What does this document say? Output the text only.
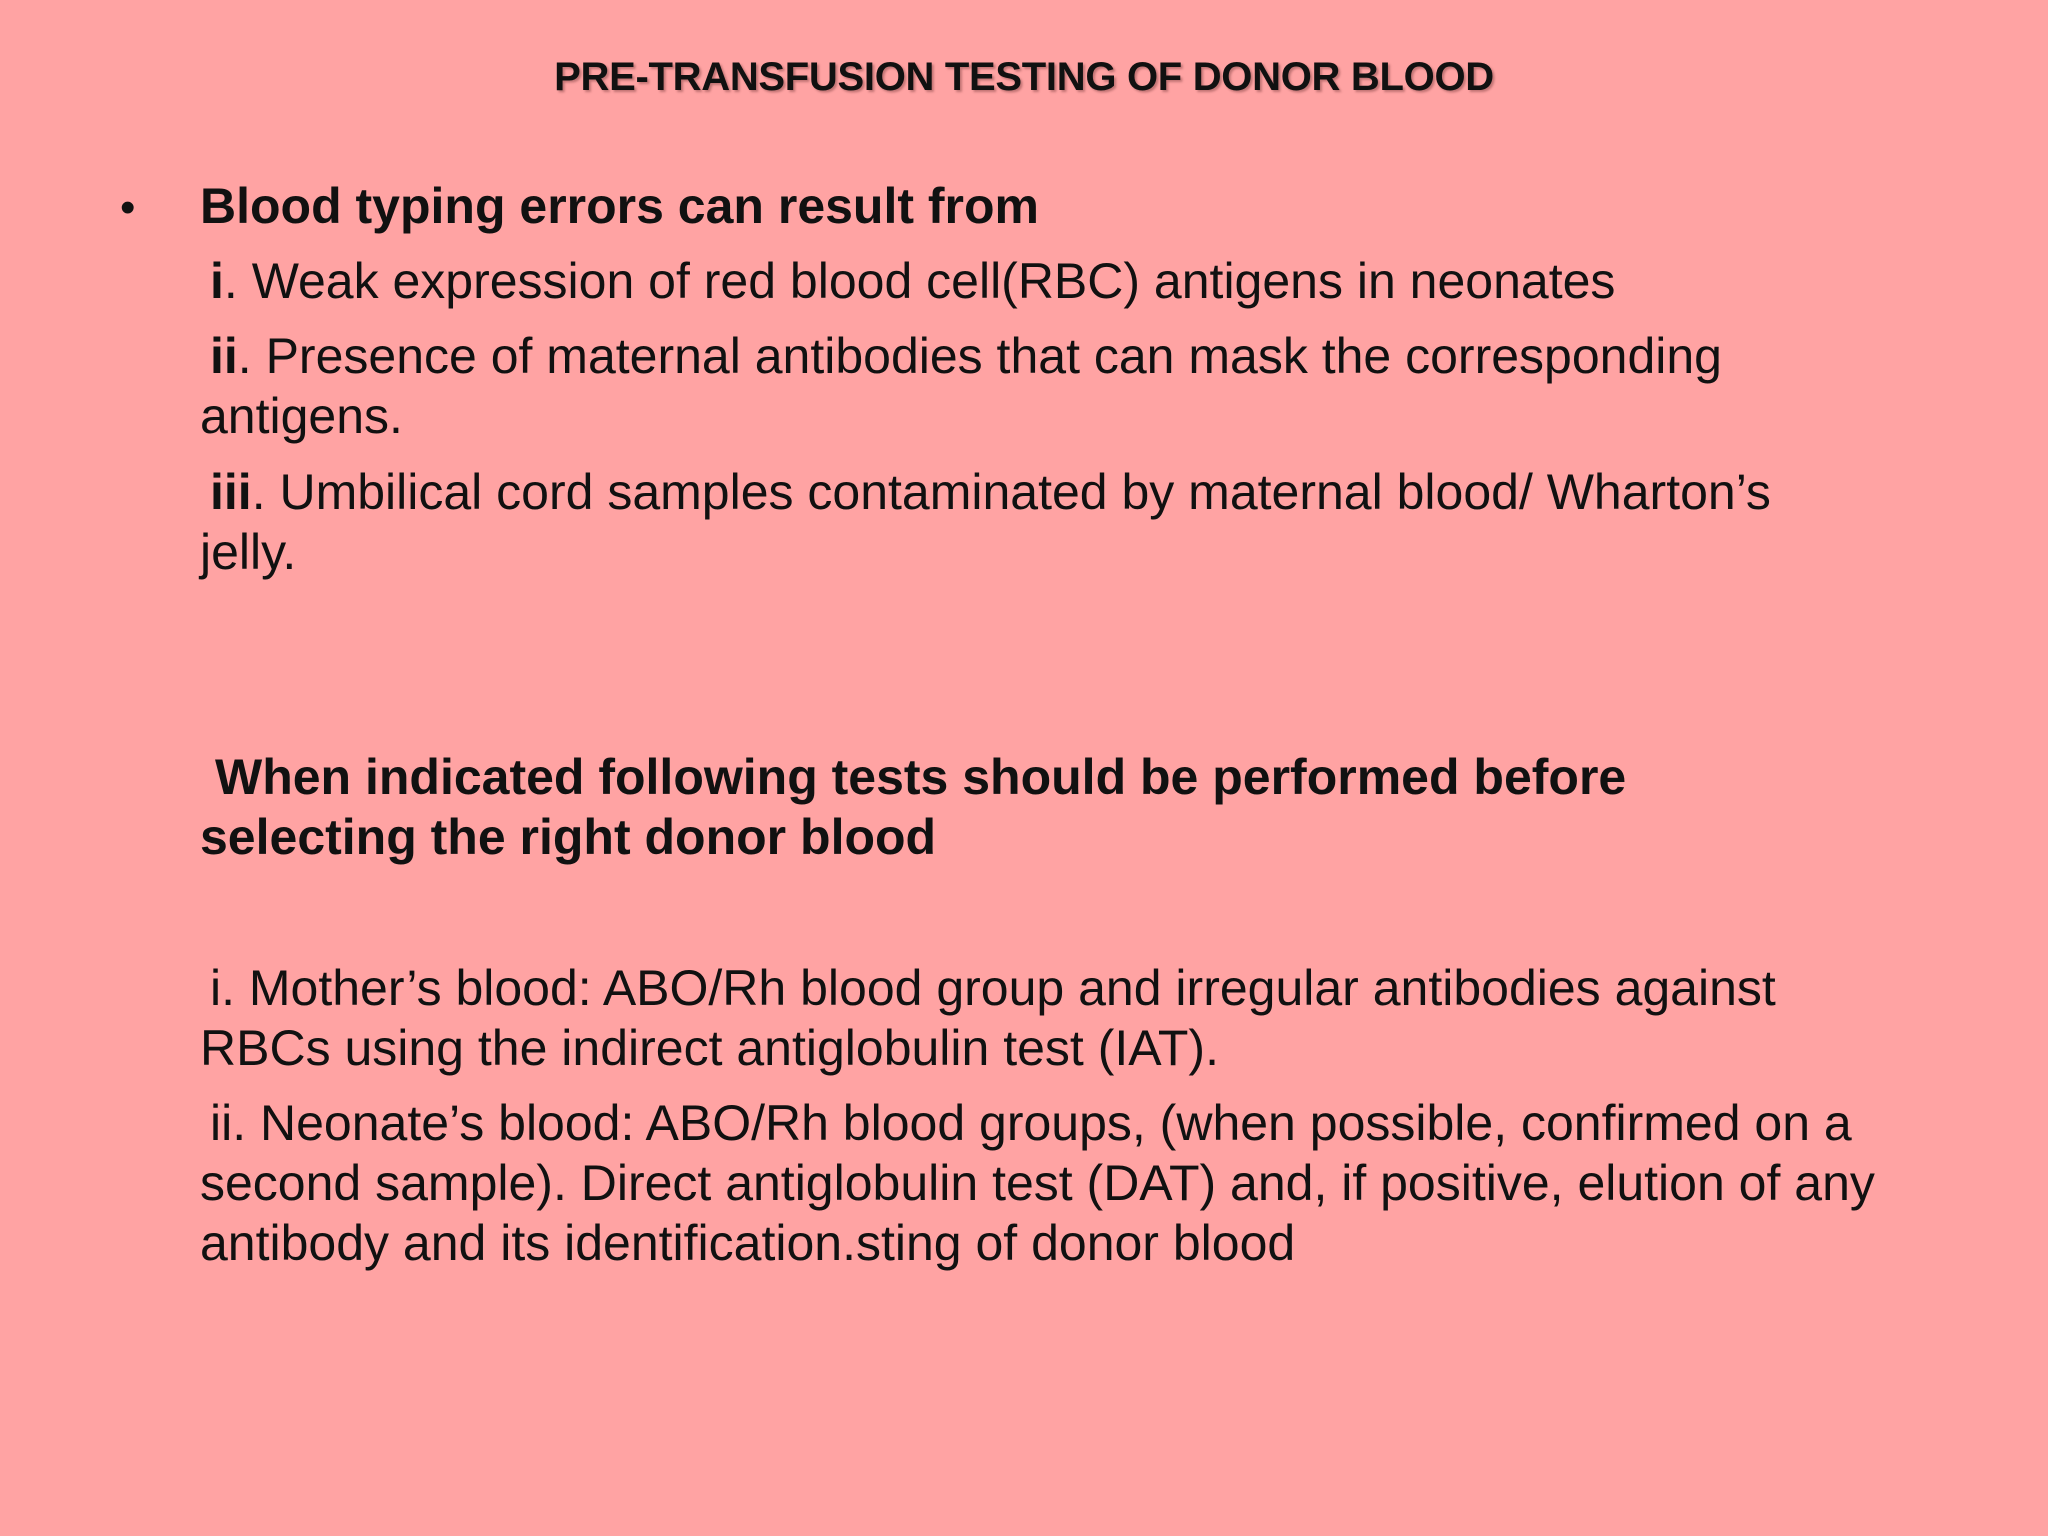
PRE-TRANSFUSION TESTING OF DONOR BLOOD
• Blood typing errors can result from
i. Weak expression of red blood cell(RBC) antigens in neonates
ii. Presence of maternal antibodies that can mask the corresponding antigens.
iii. Umbilical cord samples contaminated by maternal blood/ Wharton’s jelly.
When indicated following tests should be performed before selecting the right donor blood
i. Mother’s blood: ABO/Rh blood group and irregular antibodies against RBCs using the indirect antiglobulin test (IAT).
ii. Neonate’s blood: ABO/Rh blood groups, (when possible, confirmed on a second sample). Direct antiglobulin test (DAT) and, if positive, elution of any antibody and its identification.sting of donor blood
